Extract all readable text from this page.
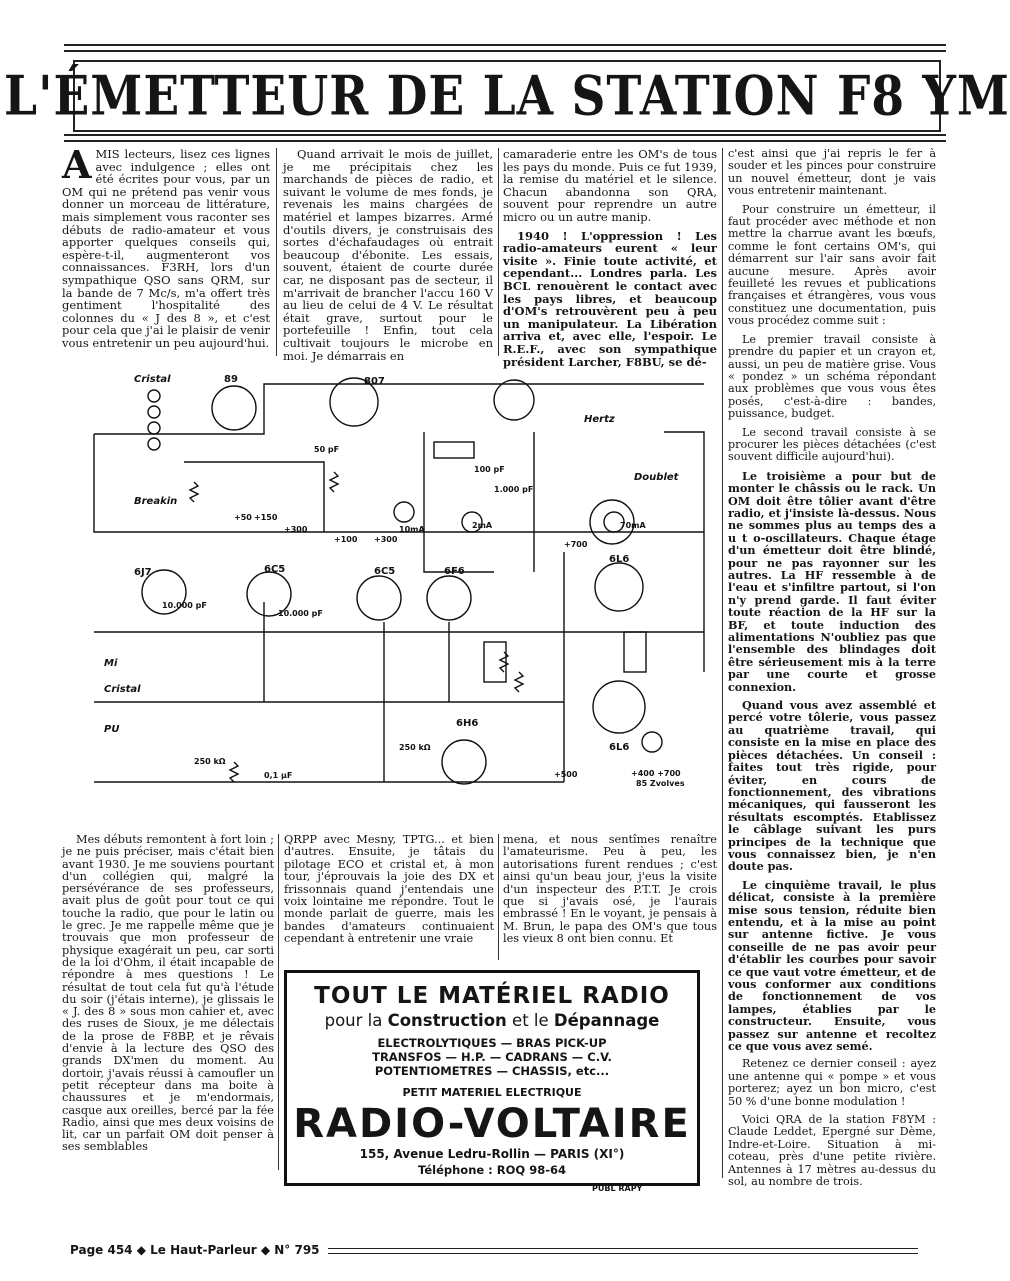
L'ÉMETTEUR DE LA STATION F8 YM

AMIS lecteurs, lisez ces lignes avec indulgence ; elles ont été écrites pour vous, par un OM qui ne prétend pas venir vous donner un morceau de littérature, mais simplement vous raconter ses débuts de radio-amateur et vous apporter quelques conseils qui, espère-t-il, augmenteront vos connaissances. F3RH, lors d'un sympathique QSO sans QRM, sur la bande de 7 Mc/s, m'a offert très gentiment l'hospitalité des colonnes du « J des 8 », et c'est pour cela que j'ai le plaisir de venir vous entretenir un peu aujourd'hui.

Quand arrivait le mois de juillet, je me précipitais chez les marchands de pièces de radio, et suivant le volume de mes fonds, je revenais les mains chargées de matériel et lampes bizarres. Armé d'outils divers, je construisais des sortes d'échafaudages où entrait beaucoup d'ébonite. Les essais, souvent, étaient de courte durée car, ne disposant pas de secteur, il m'arrivait de brancher l'accu 160 V au lieu de celui de 4 V. Le résultat était grave, surtout pour le portefeuille ! Enfin, tout cela cultivait toujours le microbe en moi. Je démarrais en

camaraderie entre les OM's de tous les pays du monde. Puis ce fut 1939, la remise du matériel et le silence. Chacun abandonna son QRA, souvent pour reprendre un autre micro ou un autre manip.

1940 ! L'oppression ! Les radio-amateurs eurent « leur visite ». Finie toute activité, et cependant... Londres parla. Les BCL renouèrent le contact avec les pays libres, et beaucoup d'OM's retrouvèrent peu à peu un manipulateur. La Libération arriva et, avec elle, l'espoir. Le R.E.F., avec son sympathique président Larcher, F8BU, se dé-

c'est ainsi que j'ai repris le fer à souder et les pinces pour construire un nouvel émetteur, dont je vais vous entretenir maintenant.

Pour construire un émetteur, il faut procéder avec méthode et non mettre la charrue avant les bœufs, comme le font certains OM's, qui démarrent sur l'air sans avoir fait aucune mesure. Après avoir feuilleté les revues et publications françaises et étrangères, vous vous constituez une documentation, puis vous procédez comme suit :

Le premier travail consiste à prendre du papier et un crayon et, aussi, un peu de matière grise. Vous « pondez » un schéma répondant aux problèmes que vous vous êtes posés, c'est-à-dire : bandes, puissance, budget.

Le second travail consiste à se procurer les pièces détachées (c'est souvent difficile aujourd'hui).

Le troisième a pour but de monter le châssis ou le rack. Un OM doit être tôlier avant d'être radio, et j'insiste là-dessus. Nous ne sommes plus au temps des a u t o-oscillateurs. Chaque étage d'un émetteur doit être blindé, pour ne pas rayonner sur les autres. La HF ressemble à de l'eau et s'infiltre partout, si l'on n'y prend garde. Il faut éviter toute réaction de la HF sur la BF, et toute induction des alimentations N'oubliez pas que l'ensemble des blindages doit être sérieusement mis à la terre par une courte et grosse connexion.

Quand vous avez assemblé et percé votre tôlerie, vous passez au quatrième travail, qui consiste en la mise en place des pièces détachées. Un conseil : faites tout très rigide, pour éviter, en cours de fonctionnement, des vibrations mécaniques, qui fausseront les résultats escomptés. Etablissez le câblage suivant les purs principes de la technique que vous connaissez bien, je n'en doute pas.

Le cinquième travail, le plus délicat, consiste à la première mise sous tension, réduite bien entendu, et à la mise au point sur antenne fictive. Je vous conseille de ne pas avoir peur d'établir les courbes pour savoir ce que vaut votre émetteur, et de vous conformer aux conditions de fonctionnement de vos lampes, établies par le constructeur. Ensuite, vous passez sur antenne et recoltez ce que vous avez semé.

Retenez ce dernier conseil : ayez une antenne qui « pompe » et vous porterez; ayez un bon micro, c'est 50 % d'une bonne modulation !

Voici QRA de la station F8YM : Claude Leddet, Epergné sur Dème, Indre-et-Loire. Situation à mi-coteau, près d'une petite rivière. Antennes à 17 mètres au-dessus du sol, au nombre de trois.

89	807
Cristal
Breakin
Hertz
Doublet
6J7	6C5	6C5	6F6
6L6
6L6
6H6
Mi
Cristal
PU
10mA	2mA	70mA
+50 +150
+300
+100 +300
+700
+500	+400 +700
85 Zvolves
250 kΩ
250 kΩ
10.000 pF
10.000 pF
50 pF
100 pF
1.000 pF
0,1 µF

Mes débuts remontent à fort loin ; je ne puis préciser, mais c'était bien avant 1930. Je me souviens pourtant d'un collégien qui, malgré la persévérance de ses professeurs, avait plus de goût pour tout ce qui touche la radio, que pour le latin ou le grec. Je me rappelle même que je trouvais que mon professeur de physique exagérait un peu, car sorti de la loi d'Ohm, il était incapable de répondre à mes questions ! Le résultat de tout cela fut qu'à l'étude du soir (j'étais interne), je glissais le « J. des 8 » sous mon cahier et, avec des ruses de Sioux, je me délectais de la prose de F8BP, et je rêvais d'envie à la lecture des QSO des grands DX'men du moment. Au dortoir, j'avais réussi à camoufler un petit récepteur dans ma boite à chaussures et je m'endormais, casque aux oreilles, bercé par la fée Radio, ainsi que mes deux voisins de lit, car un parfait OM doit penser à ses semblables

QRPP avec Mesny, TPTG... et bien d'autres. Ensuite, je tâtais du pilotage ECO et cristal et, à mon tour, j'éprouvais la joie des DX et frissonnais quand j'entendais une voix lointaine me répondre. Tout le monde parlait de guerre, mais les bandes d'amateurs continuaient cependant à entretenir une vraie

mena, et nous sentîmes renaître l'amateurisme. Peu à peu, les autorisations furent rendues ; c'est ainsi qu'un beau jour, j'eus la visite d'un inspecteur des P.T.T. Je crois que si j'avais osé, je l'aurais embrassé ! En le voyant, je pensais à M. Brun, le papa des OM's que tous les vieux 8 ont bien connu. Et

TOUT LE MATÉRIEL RADIO
pour la Construction et le Dépannage
ELECTROLYTIQUES — BRAS PICK-UP
TRANSFOS — H.P. — CADRANS — C.V.
POTENTIOMETRES — CHASSIS, etc...
PETIT MATERIEL ELECTRIQUE
RADIO-VOLTAIRE
155, Avenue Ledru-Rollin — PARIS (XI°)
Téléphone : ROQ 98-64
PUBL RAPY
Page 454 ◆ Le Haut-Parleur ◆ N° 795
